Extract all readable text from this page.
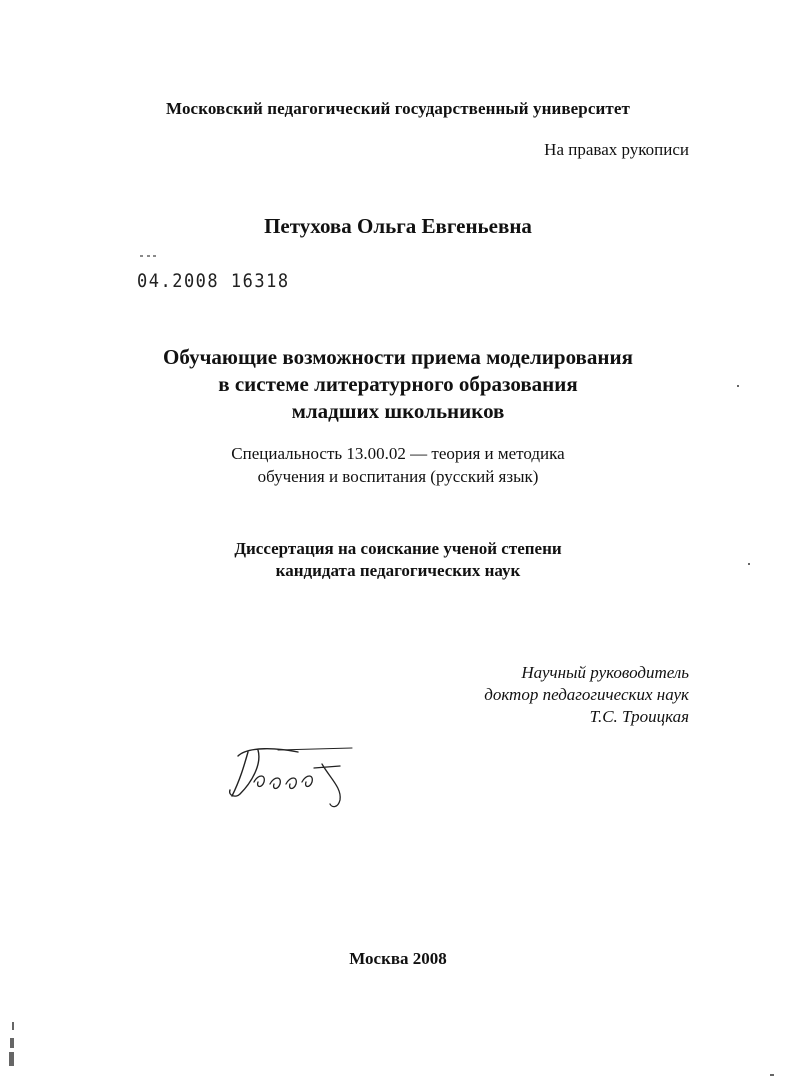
Московский педагогический государственный университет
На правах рукописи
Петухова Ольга Евгеньевна
04.2008 16318
Обучающие возможности приема моделирования
в системе литературного образования
младших школьников
Специальность 13.00.02 — теория и методика
обучения и воспитания (русский язык)
Диссертация на соискание ученой степени
кандидата педагогических наук
Научный руководитель
доктор педагогических наук
Т.С. Троицкая
Москва 2008
